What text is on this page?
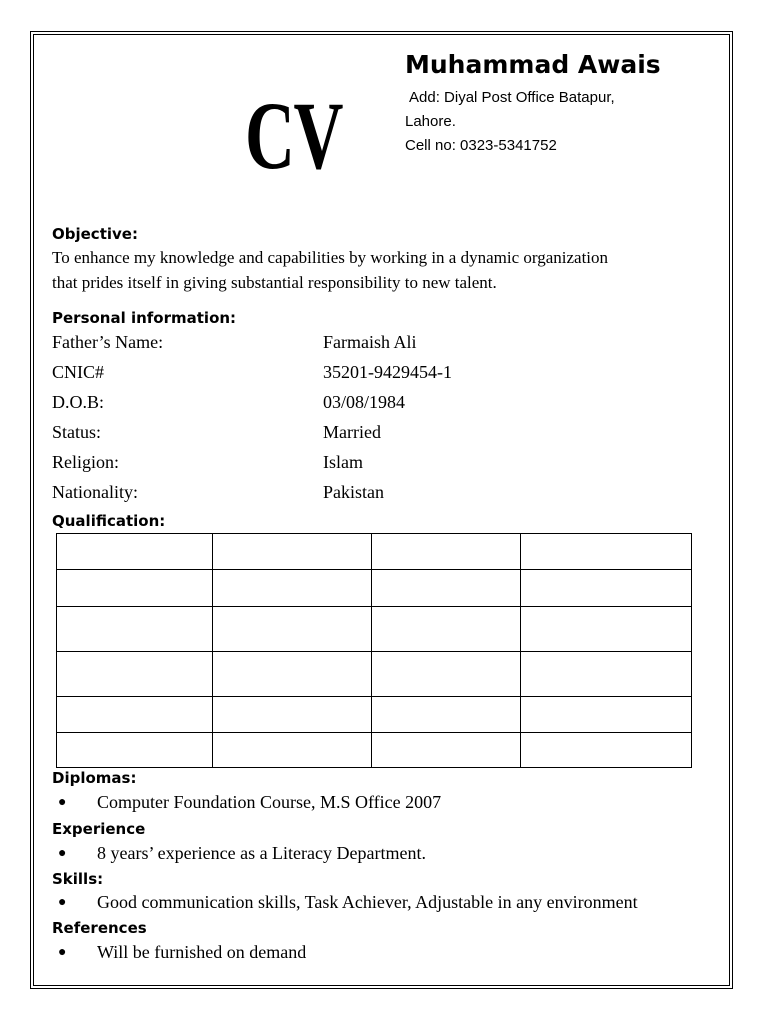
CV
Muhammad Awais
Add: Diyal Post Office Batapur,
Lahore.
Cell no: 0323-5341752
Objective:
To enhance my knowledge and capabilities by working in a dynamic organization
that prides itself in giving substantial responsibility to new talent.
Personal information:
Father’s Name:	Farmaish Ali
CNIC#	35201-9429454-1
D.O.B:	03/08/1984
Status:	Married
Religion:	Islam
Nationality:	Pakistan
Qualification:

Diplomas:
● Computer Foundation Course, M.S Office 2007
Experience
● 8 years’ experience as a Literacy Department.
Skills:
● Good communication skills, Task Achiever, Adjustable in any environment
References
● Will be furnished on demand
